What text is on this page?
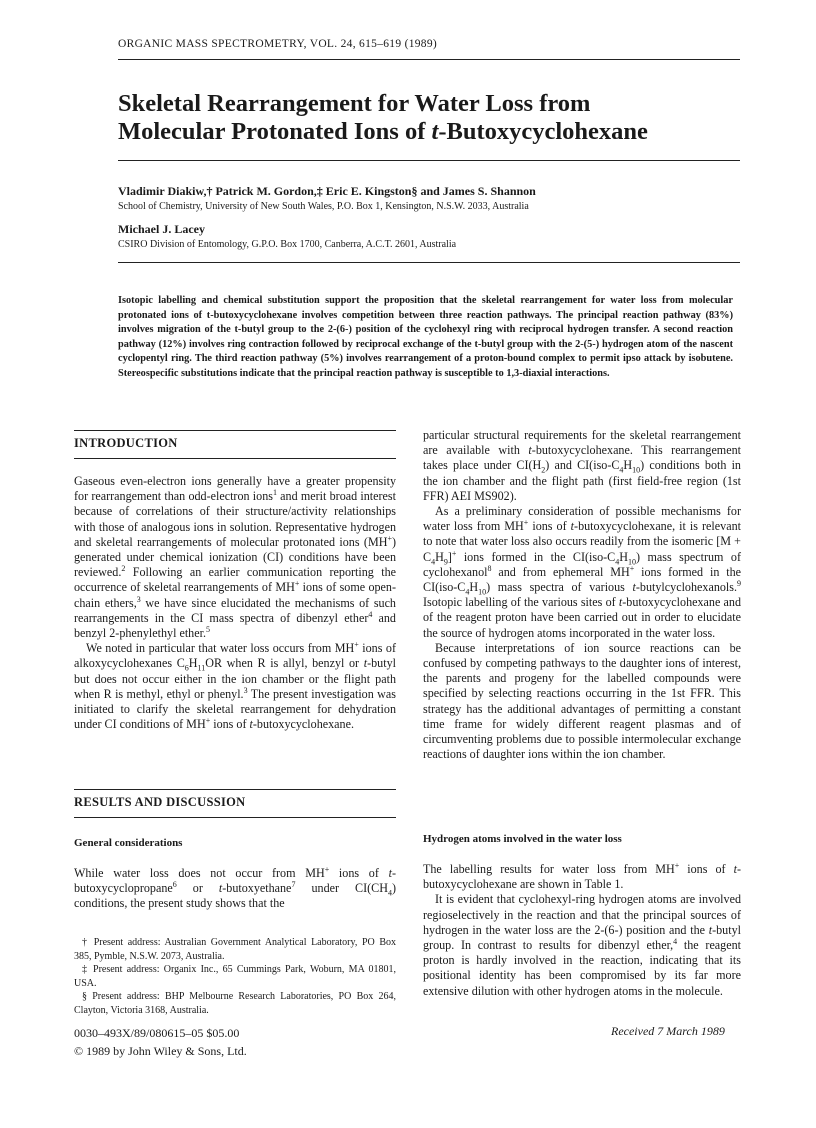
ORGANIC MASS SPECTROMETRY, VOL. 24, 615–619 (1989)
Skeletal Rearrangement for Water Loss from
Molecular Protonated Ions of t-Butoxycyclohexane
Vladimir Diakiw,† Patrick M. Gordon,‡ Eric E. Kingston§ and James S. Shannon
School of Chemistry, University of New South Wales, P.O. Box 1, Kensington, N.S.W. 2033, Australia
Michael J. Lacey
CSIRO Division of Entomology, G.P.O. Box 1700, Canberra, A.C.T. 2601, Australia

Isotopic labelling and chemical substitution support the proposition that the skeletal rearrangement for water loss from molecular protonated ions of t-butoxycyclohexane involves competition between three reaction pathways. The principal reaction pathway (83%) involves migration of the t-butyl group to the 2-(6-) position of the cyclohexyl ring with reciprocal hydrogen transfer. A second reaction pathway (12%) involves ring contraction followed by reciprocal exchange of the t-butyl group with the 2-(5-) hydrogen atom of the nascent cyclopentyl ring. The third reaction pathway (5%) involves rearrangement of a proton-bound complex to permit ipso attack by isobutene. Stereospecific substitutions indicate that the principal reaction pathway is susceptible to 1,3-diaxial interactions.

INTRODUCTION

Gaseous even-electron ions generally have a greater propensity for rearrangement than odd-electron ions$^1$ and merit broad interest because of correlations of their structure/activity relationships with those of analogous ions in solution. Representative hydrogen and skeletal rearrangements of molecular protonated ions (MH+) generated under chemical ionization (CI) conditions have been reviewed.$^2$ Following an earlier communication reporting the occurrence of skeletal rearrangements of MH+ ions of some open-chain ethers,$^3$ we have since elucidated the mechanisms of such rearrangements in the CI mass spectra of dibenzyl ether$^4$ and benzyl 2-phenylethyl ether.$^5$

We noted in particular that water loss occurs from MH+ ions of alkoxycyclohexanes $C_6H_{11}OR$ when R is allyl, benzyl or t-butyl but does not occur either in the ion chamber or the flight path when R is methyl, ethyl or phenyl.$^3$ The present investigation was initiated to clarify the skeletal rearrangement for dehydration under CI conditions of MH+ ions of t-butoxycyclohexane.

RESULTS AND DISCUSSION
General considerations

While water loss does not occur from MH+ ions of t-butoxycyclopropane$^6$ or t-butoxyethane$^7$ under $CI(CH_4)$ conditions, the present study shows that the

† Present address: Australian Government Analytical Laboratory, PO Box 385, Pymble, N.S.W. 2073, Australia.

‡ Present address: Organix Inc., 65 Cummings Park, Woburn, MA 01801, USA.

§ Present address: BHP Melbourne Research Laboratories, PO Box 264, Clayton, Victoria 3168, Australia.

0030–493X/89/080615–05 $05.00
© 1989 by John Wiley & Sons, Ltd.

particular structural requirements for the skeletal rearrangement are available with t-butoxycyclohexane. This rearrangement takes place under $CI(H_2)$ and $CI(iso-C_4H_{10})$ conditions both in the ion chamber and the flight path (first field-free region (1st FFR) AEI MS902).

As a preliminary consideration of possible mechanisms for water loss from MH+ ions of t-butoxycyclohexane, it is relevant to note that water loss also occurs readily from the isomeric $[M + C_4H_9]^+$ ions formed in the $CI(iso-C_4H_{10})$ mass spectrum of cyclohexanol$^8$ and from ephemeral MH+ ions formed in the $CI(iso-C_4H_{10})$ mass spectra of various t-butylcyclohexanols.$^9$ Isotopic labelling of the various sites of t-butoxycyclohexane and of the reagent proton have been carried out in order to elucidate the source of hydrogen atoms incorporated in the water loss.

Because interpretations of ion source reactions can be confused by competing pathways to the daughter ions of interest, the parents and progeny for the labelled compounds were specified by selecting reactions occurring in the 1st FFR. This strategy has the additional advantages of permitting a constant time frame for widely different reagent plasmas and of circumventing problems due to possible intermolecular exchange reactions of daughter ions within the ion chamber.

Hydrogen atoms involved in the water loss

The labelling results for water loss from MH+ ions of t-butoxycyclohexane are shown in Table 1.

It is evident that cyclohexyl-ring hydrogen atoms are involved regioselectively in the reaction and that the principal sources of hydrogen in the water loss are the 2-(6-) position and the t-butyl group. In contrast to results for dibenzyl ether,$^4$ the reagent proton is hardly involved in the reaction, indicating that its positional identity has been compromised by its far more extensive dilution with other hydrogen atoms in the molecule.

Received 7 March 1989
